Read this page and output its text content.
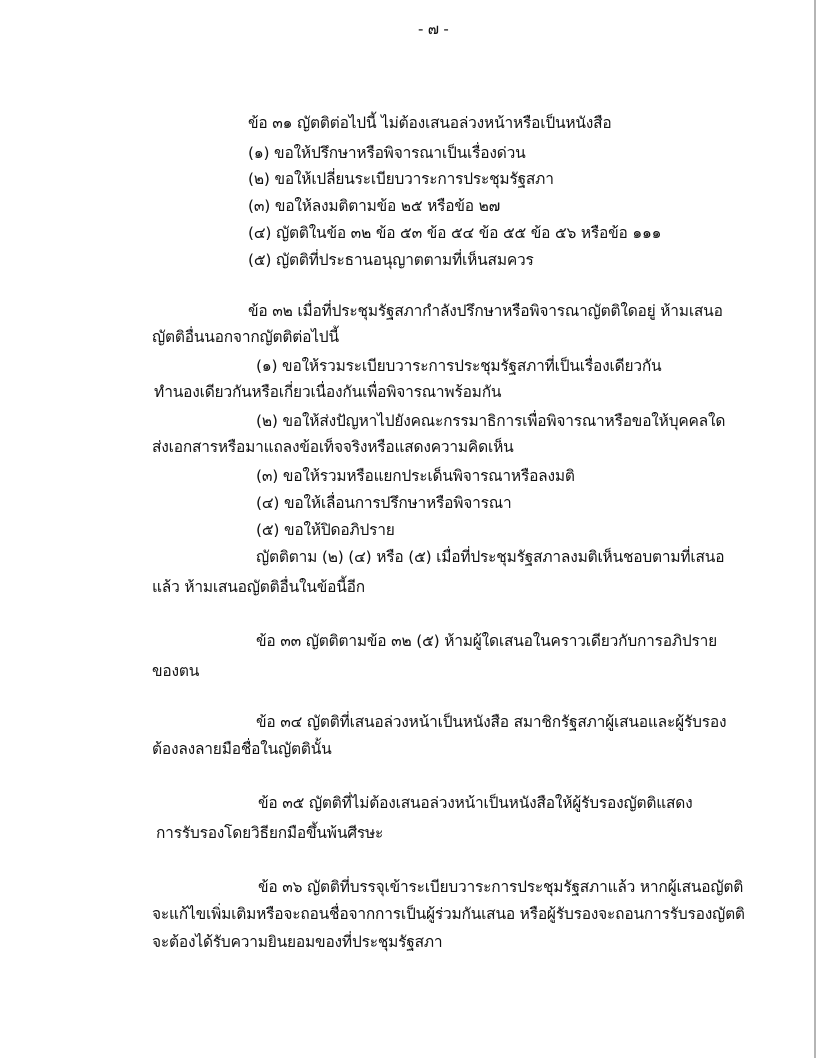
- ๗ -
ข้อ ๓๑ ญัตติต่อไปนี้ ไม่ต้องเสนอล่วงหน้าหรือเป็นหนังสือ
(๑) ขอให้ปรึกษาหรือพิจารณาเป็นเรื่องด่วน
(๒) ขอให้เปลี่ยนระเบียบวาระการประชุมรัฐสภา
(๓) ขอให้ลงมติตามข้อ ๒๕ หรือข้อ ๒๗
(๔) ญัตติในข้อ ๓๒ ข้อ ๕๓ ข้อ ๕๔ ข้อ ๕๕ ข้อ ๕๖ หรือข้อ ๑๑๑
(๕) ญัตติที่ประธานอนุญาตตามที่เห็นสมควร
ข้อ ๓๒ เมื่อที่ประชุมรัฐสภากำลังปรึกษาหรือพิจารณาญัตติใดอยู่ ห้ามเสนอ
ญัตติอื่นนอกจากญัตติต่อไปนี้
(๑) ขอให้รวมระเบียบวาระการประชุมรัฐสภาที่เป็นเรื่องเดียวกัน
ทำนองเดียวกันหรือเกี่ยวเนื่องกันเพื่อพิจารณาพร้อมกัน
(๒) ขอให้ส่งปัญหาไปยังคณะกรรมาธิการเพื่อพิจารณาหรือขอให้บุคคลใด
ส่งเอกสารหรือมาแถลงข้อเท็จจริงหรือแสดงความคิดเห็น
(๓) ขอให้รวมหรือแยกประเด็นพิจารณาหรือลงมติ
(๔) ขอให้เลื่อนการปรึกษาหรือพิจารณา
(๕) ขอให้ปิดอภิปราย
ญัตติตาม (๒) (๔) หรือ (๕) เมื่อที่ประชุมรัฐสภาลงมติเห็นชอบตามที่เสนอ
แล้ว ห้ามเสนอญัตติอื่นในข้อนี้อีก
ข้อ ๓๓ ญัตติตามข้อ ๓๒ (๕) ห้ามผู้ใดเสนอในคราวเดียวกับการอภิปราย
ของตน
ข้อ ๓๔ ญัตติที่เสนอล่วงหน้าเป็นหนังสือ สมาชิกรัฐสภาผู้เสนอและผู้รับรอง
ต้องลงลายมือชื่อในญัตตินั้น
ข้อ ๓๕ ญัตติที่ไม่ต้องเสนอล่วงหน้าเป็นหนังสือให้ผู้รับรองญัตติแสดง
การรับรองโดยวิธียกมือขึ้นพ้นศีรษะ
ข้อ ๓๖ ญัตติที่บรรจุเข้าระเบียบวาระการประชุมรัฐสภาแล้ว หากผู้เสนอญัตติ
จะแก้ไขเพิ่มเติมหรือจะถอนชื่อจากการเป็นผู้ร่วมกันเสนอ หรือผู้รับรองจะถอนการรับรองญัตติ
จะต้องได้รับความยินยอมของที่ประชุมรัฐสภา
